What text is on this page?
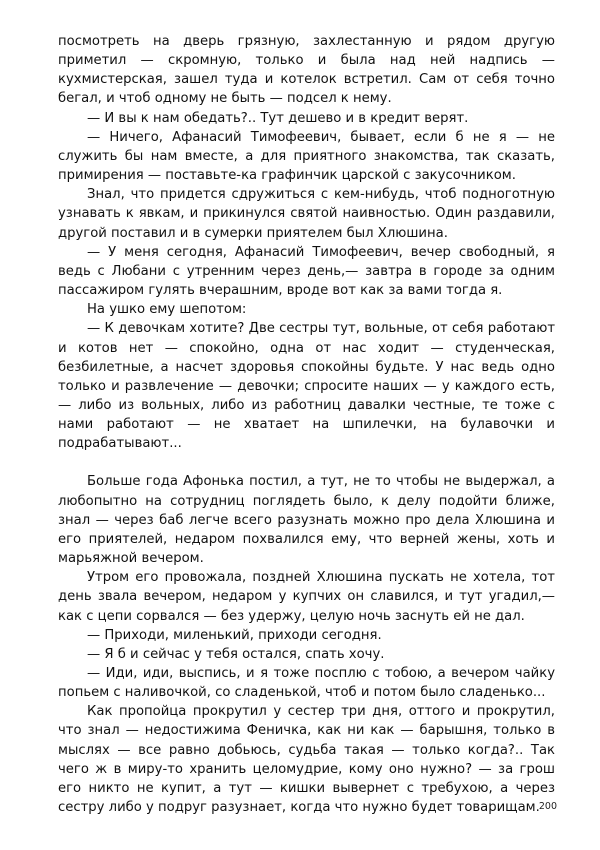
посмотреть на дверь грязную, захлестанную и рядом другую приметил — скромную, только и была над ней надпись — кухмистерская, зашел туда и котелок встретил. Сам от себя точно бегал, и чтоб одному не быть — подсел к нему.

— И вы к нам обедать?.. Тут дешево и в кредит верят.

— Ничего, Афанасий Тимофеевич, бывает, если б не я — не служить бы нам вместе, а для приятного знакомства, так сказать, примирения — поставьте-ка графинчик царской с закусочником.

Знал, что придется сдружиться с кем-нибудь, чтоб подноготную узнавать к явкам, и прикинулся святой наивностью. Один раздавили, другой поставил и в сумерки приятелем был Хлюшина.

— У меня сегодня, Афанасий Тимофеевич, вечер свободный, я ведь с Любани с утренним через день,— завтра в городе за одним пассажиром гулять вчерашним, вроде вот как за вами тогда я.

На ушко ему шепотом:

— К девочкам хотите? Две сестры тут, вольные, от себя работают и котов нет — спокойно, одна от нас ходит — студенческая, безбилетные, а насчет здоровья спокойны будьте. У нас ведь одно только и развлечение — девочки; спросите наших — у каждого есть, — либо из вольных, либо из работниц давалки честные, те тоже с нами работают — не хватает на шпилечки, на булавочки и подрабатывают...

Больше года Афонька постил, а тут, не то чтобы не выдержал, а любопытно на сотрудниц поглядеть было, к делу подойти ближе, знал — через баб легче всего разузнать можно про дела Хлюшина и его приятелей, недаром похвалился ему, что верней жены, хоть и марьяжной вечером.

Утром его провожала, поздней Хлюшина пускать не хотела, тот день звала вечером, недаром у купчих он славился, и тут угадил,— как с цепи сорвался — без удержу, целую ночь заснуть ей не дал.

— Приходи, миленький, приходи сегодня.

— Я б и сейчас у тебя остался, спать хочу.

— Иди, иди, выспись, и я тоже посплю с тобою, а вечером чайку попьем с наливочкой, со сладенькой, чтоб и потом было сладенько...

Как пропойца прокрутил у сестер три дня, оттого и прокрутил, что знал — недостижима Феничка, как ни как — барышня, только в мыслях — все равно добьюсь, судьба такая — только когда?.. Так чего ж в миру-то хранить целомудрие, кому оно нужно? — за грош его никто не купит, а тут — кишки вывернет с требухою, а через сестру либо у подруг разузнает, когда что нужно будет товарищам. 200
